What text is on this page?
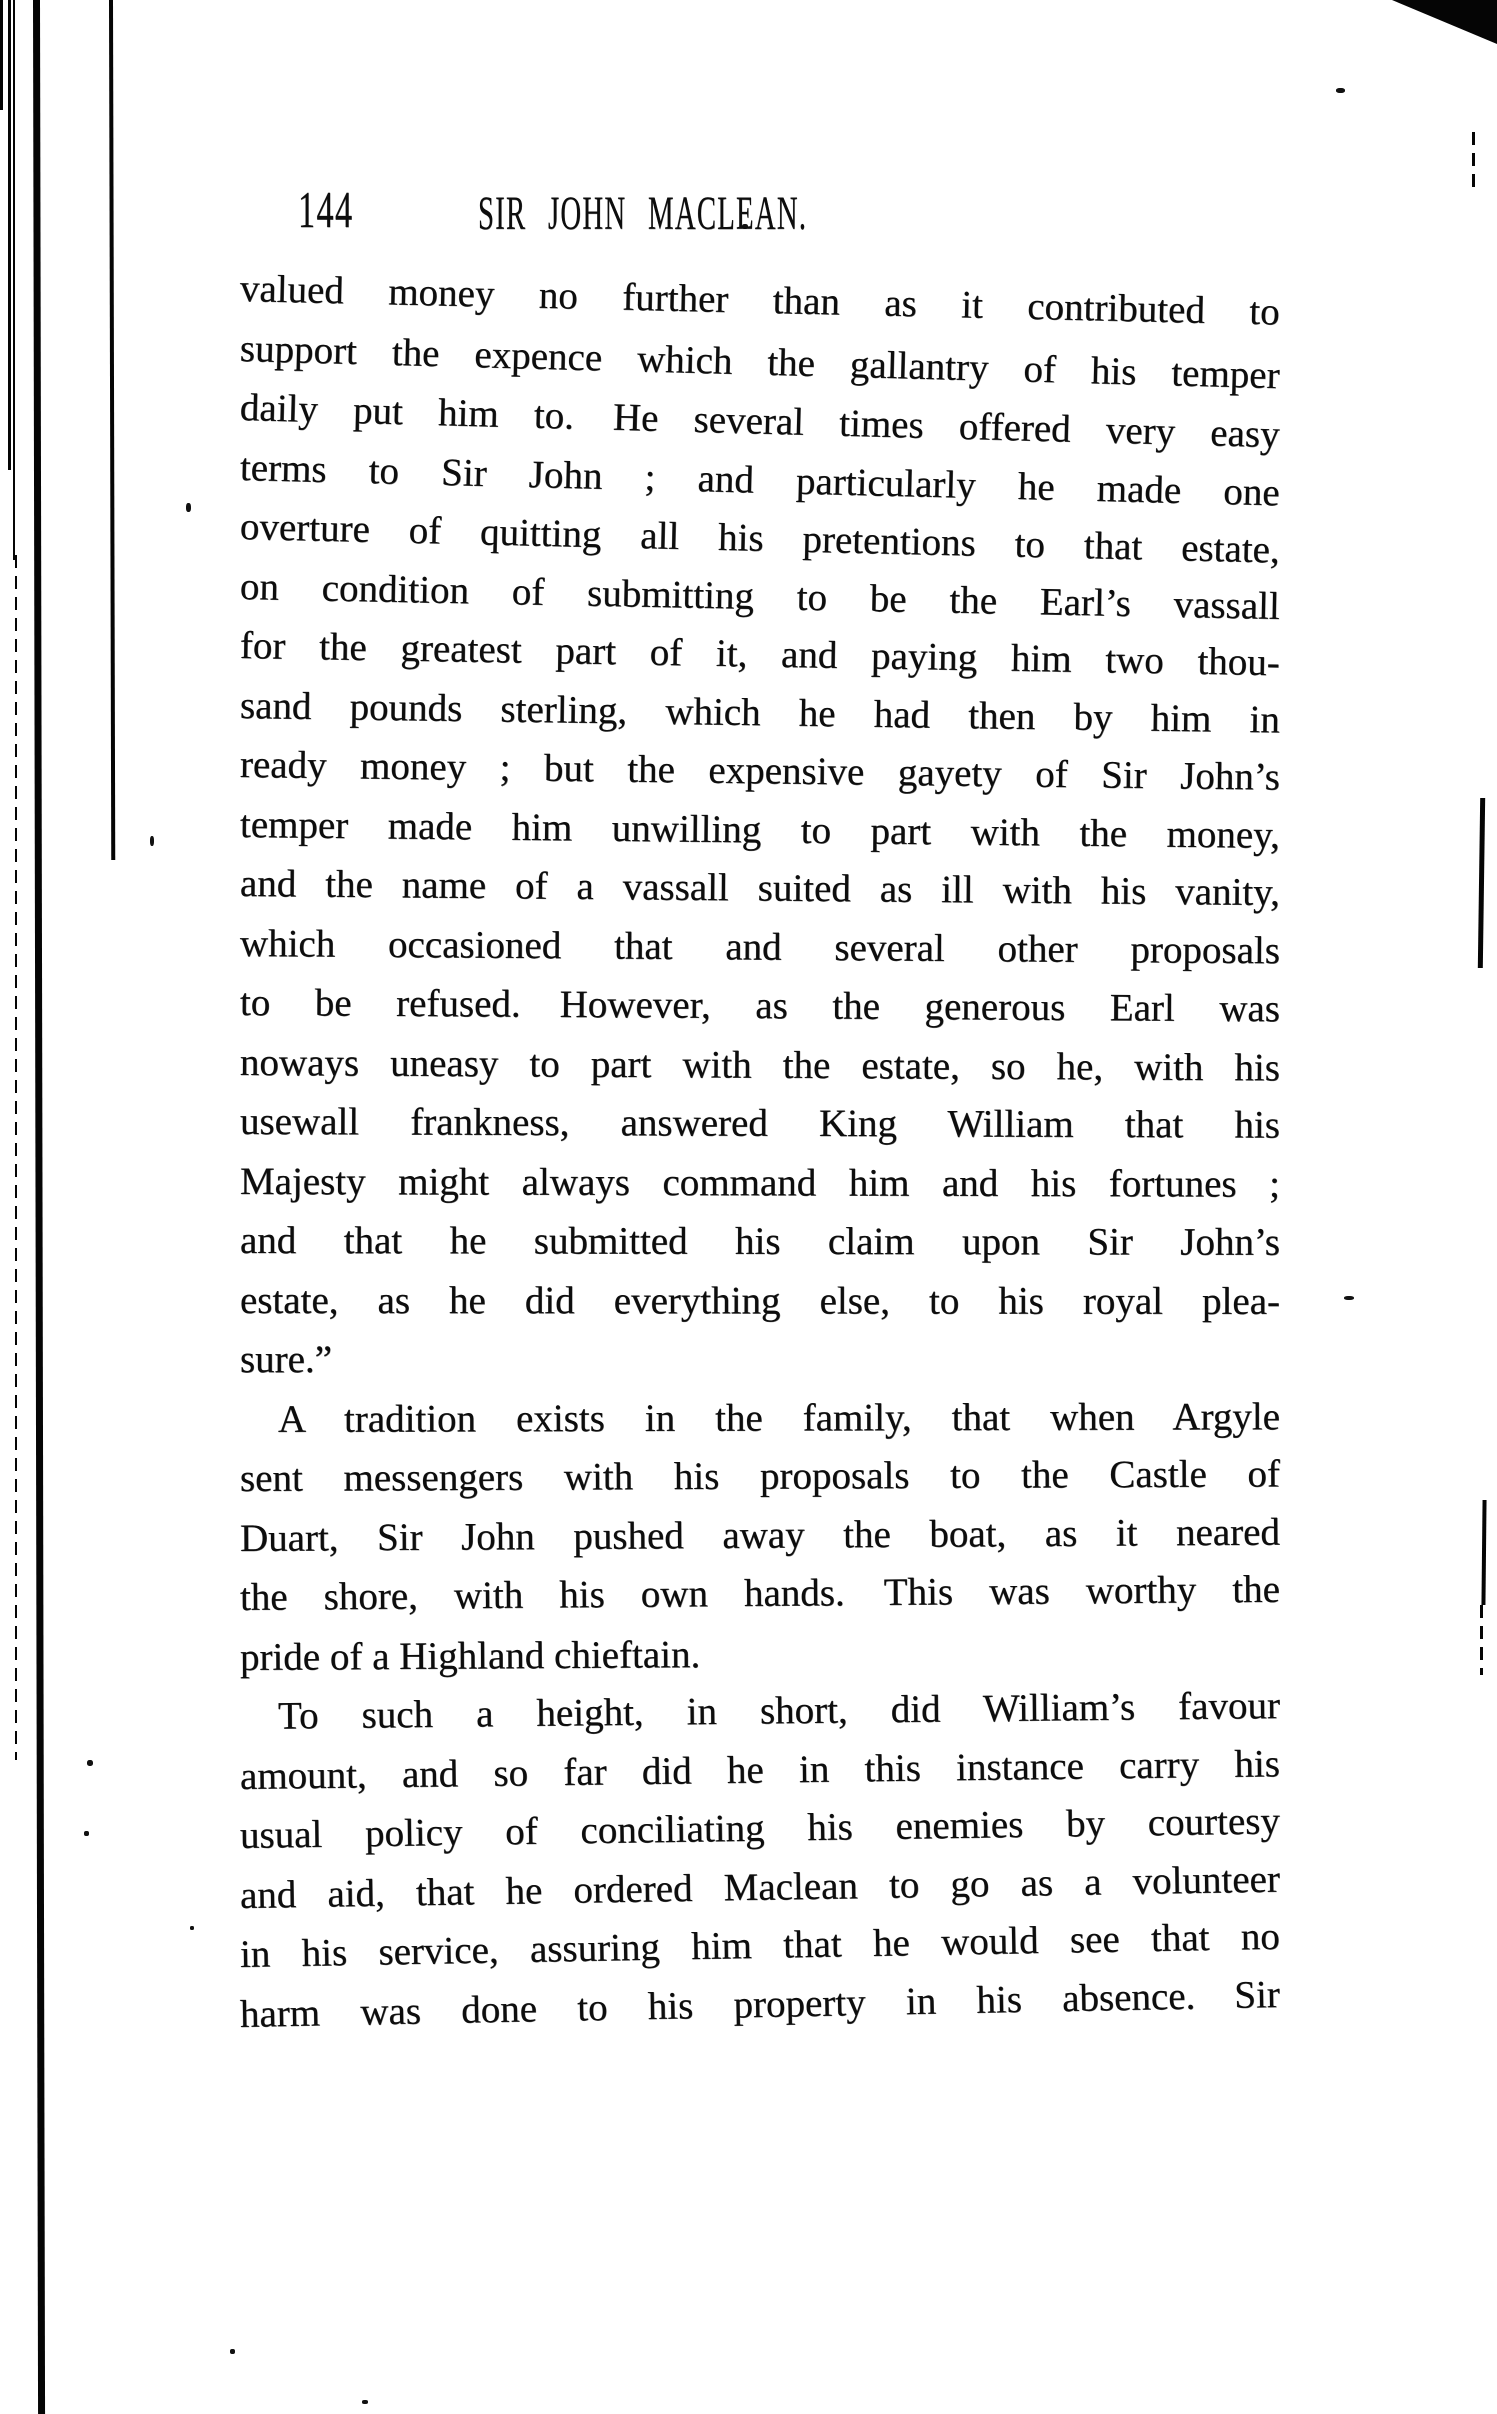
144	SIR JOHN MACLEAN.
valued money no further than as it contributed to
support the expence which the gallantry of his temper
daily put him to. He several times offered very easy
terms to Sir John ; and particularly he made one
overture of quitting all his pretentions to that estate,
on condition of submitting to be the Earl’s vassall
for the greatest part of it, and paying him two thou-
sand pounds sterling, which he had then by him in
ready money ; but the expensive gayety of Sir John’s
temper made him unwilling to part with the money,
and the name of a vassall suited as ill with his vanity,
which occasioned that and several other proposals
to be refused. However, as the generous Earl was
noways uneasy to part with the estate, so he, with his
usewall frankness, answered King William that his
Majesty might always command him and his fortunes ;
and that he submitted his claim upon Sir John’s
estate, as he did everything else, to his royal plea-
sure.”
A tradition exists in the family, that when Argyle
sent messengers with his proposals to the Castle of
Duart, Sir John pushed away the boat, as it neared
the shore, with his own hands. This was worthy the
pride of a Highland chieftain.
To such a height, in short, did William’s favour
amount, and so far did he in this instance carry his
usual policy of conciliating his enemies by courtesy
and aid, that he ordered Maclean to go as a volunteer
in his service, assuring him that he would see that no
harm was done to his property in his absence. Sir
